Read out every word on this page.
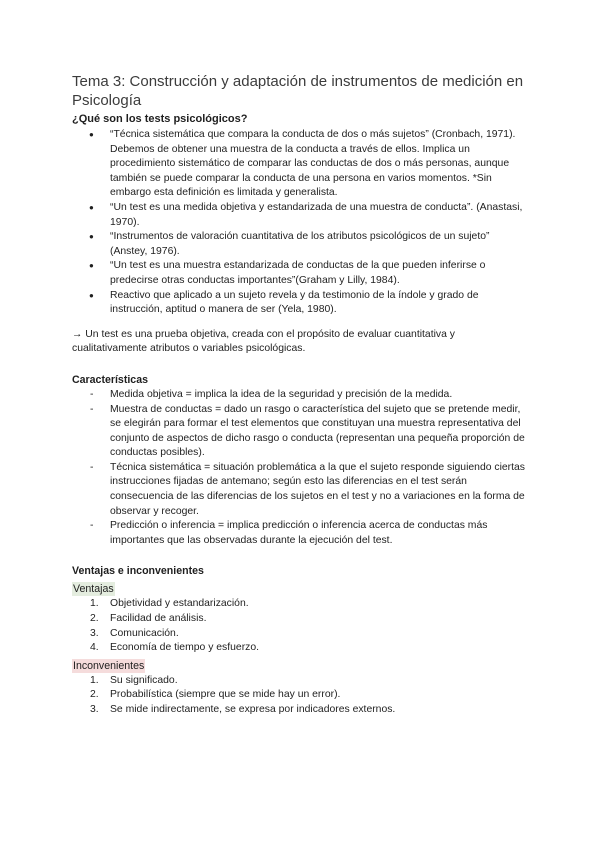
Tema 3: Construcción y adaptación de instrumentos de medición en Psicología
¿Qué son los tests psicológicos?
● “Técnica sistemática que compara la conducta de dos o más sujetos” (Cronbach, 1971). Debemos de obtener una muestra de la conducta a través de ellos. Implica un procedimiento sistemático de comparar las conductas de dos o más personas, aunque también se puede comparar la conducta de una persona en varios momentos. *Sin embargo esta definición es limitada y generalista.
● “Un test es una medida objetiva y estandarizada de una muestra de conducta”. (Anastasi, 1970).
● “Instrumentos de valoración cuantitativa de los atributos psicológicos de un sujeto” (Anstey, 1976).
● “Un test es una muestra estandarizada de conductas de la que pueden inferirse o predecirse otras conductas importantes”(Graham y Lilly, 1984).
● Reactivo que aplicado a un sujeto revela y da testimonio de la índole y grado de instrucción, aptitud o manera de ser (Yela, 1980).

→ Un test es una prueba objetiva, creada con el propósito de evaluar cuantitativa y cualitativamente atributos o variables psicológicas.

Características
- Medida objetiva = implica la idea de la seguridad y precisión de la medida.
- Muestra de conductas = dado un rasgo o característica del sujeto que se pretende medir, se elegirán para formar el test elementos que constituyan una muestra representativa del conjunto de aspectos de dicho rasgo o conducta (representan una pequeña proporción de conductas posibles).
- Técnica sistemática = situación problemática a la que el sujeto responde siguiendo ciertas instrucciones fijadas de antemano; según esto las diferencias en el test serán consecuencia de las diferencias de los sujetos en el test y no a variaciones en la forma de observar y recoger.
- Predicción o inferencia = implica predicción o inferencia acerca de conductas más importantes que las observadas durante la ejecución del test.
Ventajas e inconvenientes
Ventajas
1. Objetividad y estandarización.
2. Facilidad de análisis.
3. Comunicación.
4. Economía de tiempo y esfuerzo.
Inconvenientes
1. Su significado.
2. Probabilística (siempre que se mide hay un error).
3. Se mide indirectamente, se expresa por indicadores externos.
